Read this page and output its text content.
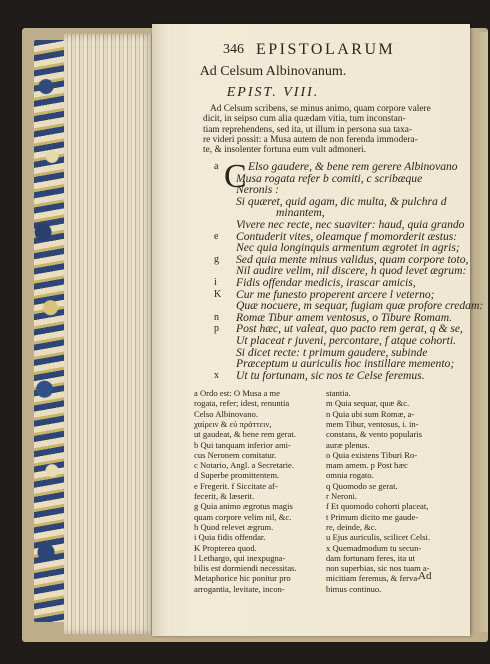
346 EPISTOLARUM
Ad Celsum Albinovanum.
EPIST. VIII.
Ad Celsum scribens, se minus animo, quam corpore valere
dicit, in seipso cum alia quædam vitia, tum inconstan-
tiam reprehendens, sed ita, ut illum in persona sua taxa-
re videri possit: a Musa autem de non ferenda immodera-
te, & insolenter fortuna eum vult admoneri.
C
a	Elso gaudere, & bene rem gerere Albinovano
Musa rogata refer b comiti, c scribæque
Neronis :
Si quæret, quid agam, dic multa, & pulchra d
minantem,
Vivere nec recte, nec suaviter: haud, quia grando
e Contuderit vites, oleamque f momorderit æstus:
Nec quia longinquis armentum ægrotet in agris;
g Sed quia mente minus validus, quam corpore toto,
Nil audire velim, nil discere, h quod levet ægrum:
i Fidis offendar medicis, irascar amicis,
K Cur me funesto properent arcere l veterno;
Quæ nocuere, m sequar, fugiam quæ profore credam:
n Romæ Tibur amem ventosus, o Tibure Romam.
p Post hæc, ut valeat, quo pacto rem gerat, q & se,
Ut placeat r juveni, percontare, f atque cohorti.
Si dicet recte: t primum gaudere, subinde
Præceptum u auriculis hoc instillare memento;
x Ut tu fortunam, sic nos te Celse feremus.
a Ordo est: O Musa a me
rogata, refer; idest, renuntia
Celso Albinovano.
χαίρειν & εὐ πράττειν,
ut gaudeat, & bene rem gerat.
b Qui tanquam inferior ami-
cus Neronem comitatur.
c Notario, Angl. a Secretarie.
d Superbe promittentem.
e Fregerit. f Siccitate af-
fecerit, & læserit.
g Quia animo ægrotus magis
quam corpore velim nil, &c.
h Quod relevet ægrum.
i Quia fidis offendar.
K Propterea quod.
l Lethargo, qui inexpugna-
bilis est dormiendi necessitas.
Metaphorice hic ponitur pro
arrogantia, levitate, incon-
stantia.
m Quia sequar, quæ &c.
n Quia ubi sum Romæ, a-
mem Tibur, ventosus, i. in-
constans, & vento popularis
auræ plenus.
o Quia existens Tiburi Ro-
mam amem. p Post hæc
omnia rogato.
q Quomodo se gerat.
r Neroni.
f Et quomodo cohorti placeat,
t Primum dicito me gaude-
re, deinde, &c.
u Ejus auriculis, scilicet Celsi.
x Quemadmodum tu secun-
dam fortunam feres, ita ut
non superbias, sic nos tuam a-
micitiam feremus, & ferva-
bimus continuo.
Ad
